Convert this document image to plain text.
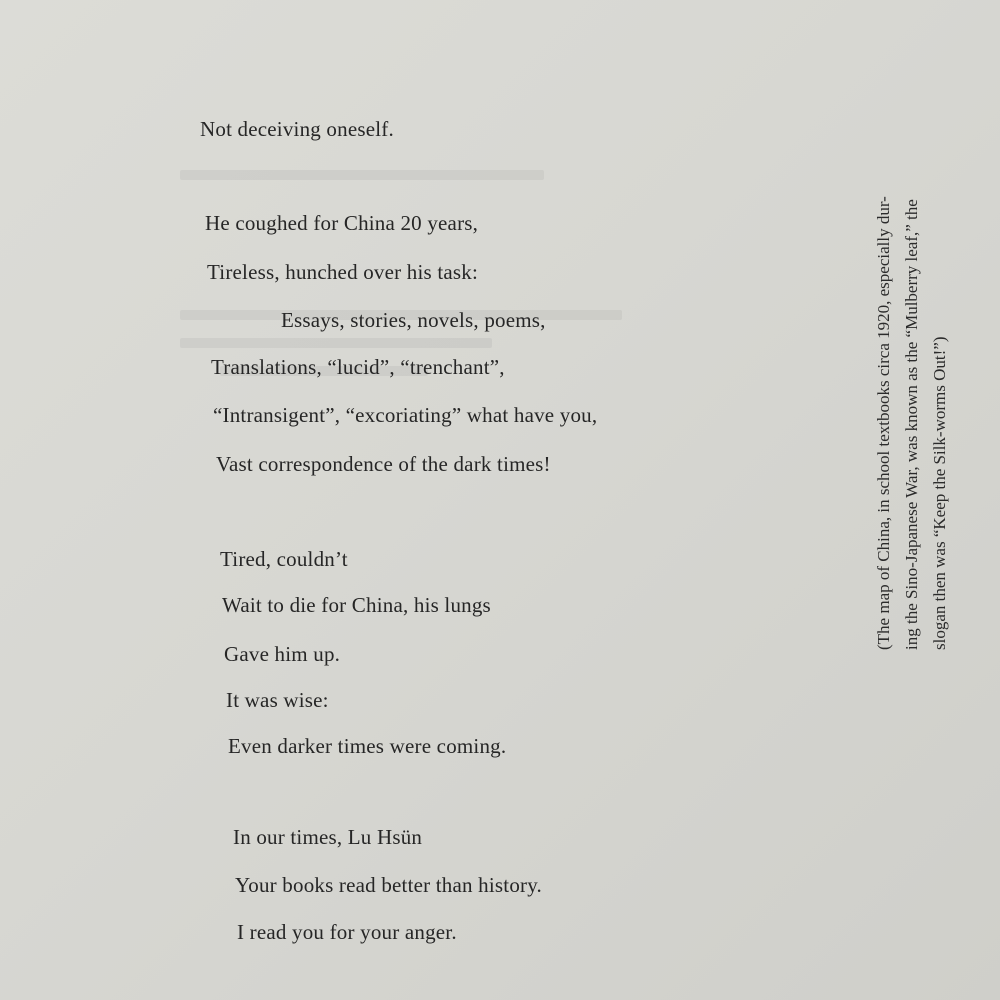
Not deceiving oneself.
He coughed for China 20 years,
Tireless, hunched over his task:
Essays, stories, novels, poems,
Translations, “lucid”, “trenchant”,
“Intransigent”, “excoriating” what have you,
Vast correspondence of the dark times!
Tired, couldn’t
Wait to die for China, his lungs
Gave him up.
It was wise:
Even darker times were coming.
In our times, Lu Hsün
Your books read better than history.
I read you for your anger.
(The map of China, in school textbooks circa 1920, especially dur- ing the Sino-Japanese War, was known as the “Mulberry leaf,” the slogan then was “Keep the Silk-worms Out!”)
